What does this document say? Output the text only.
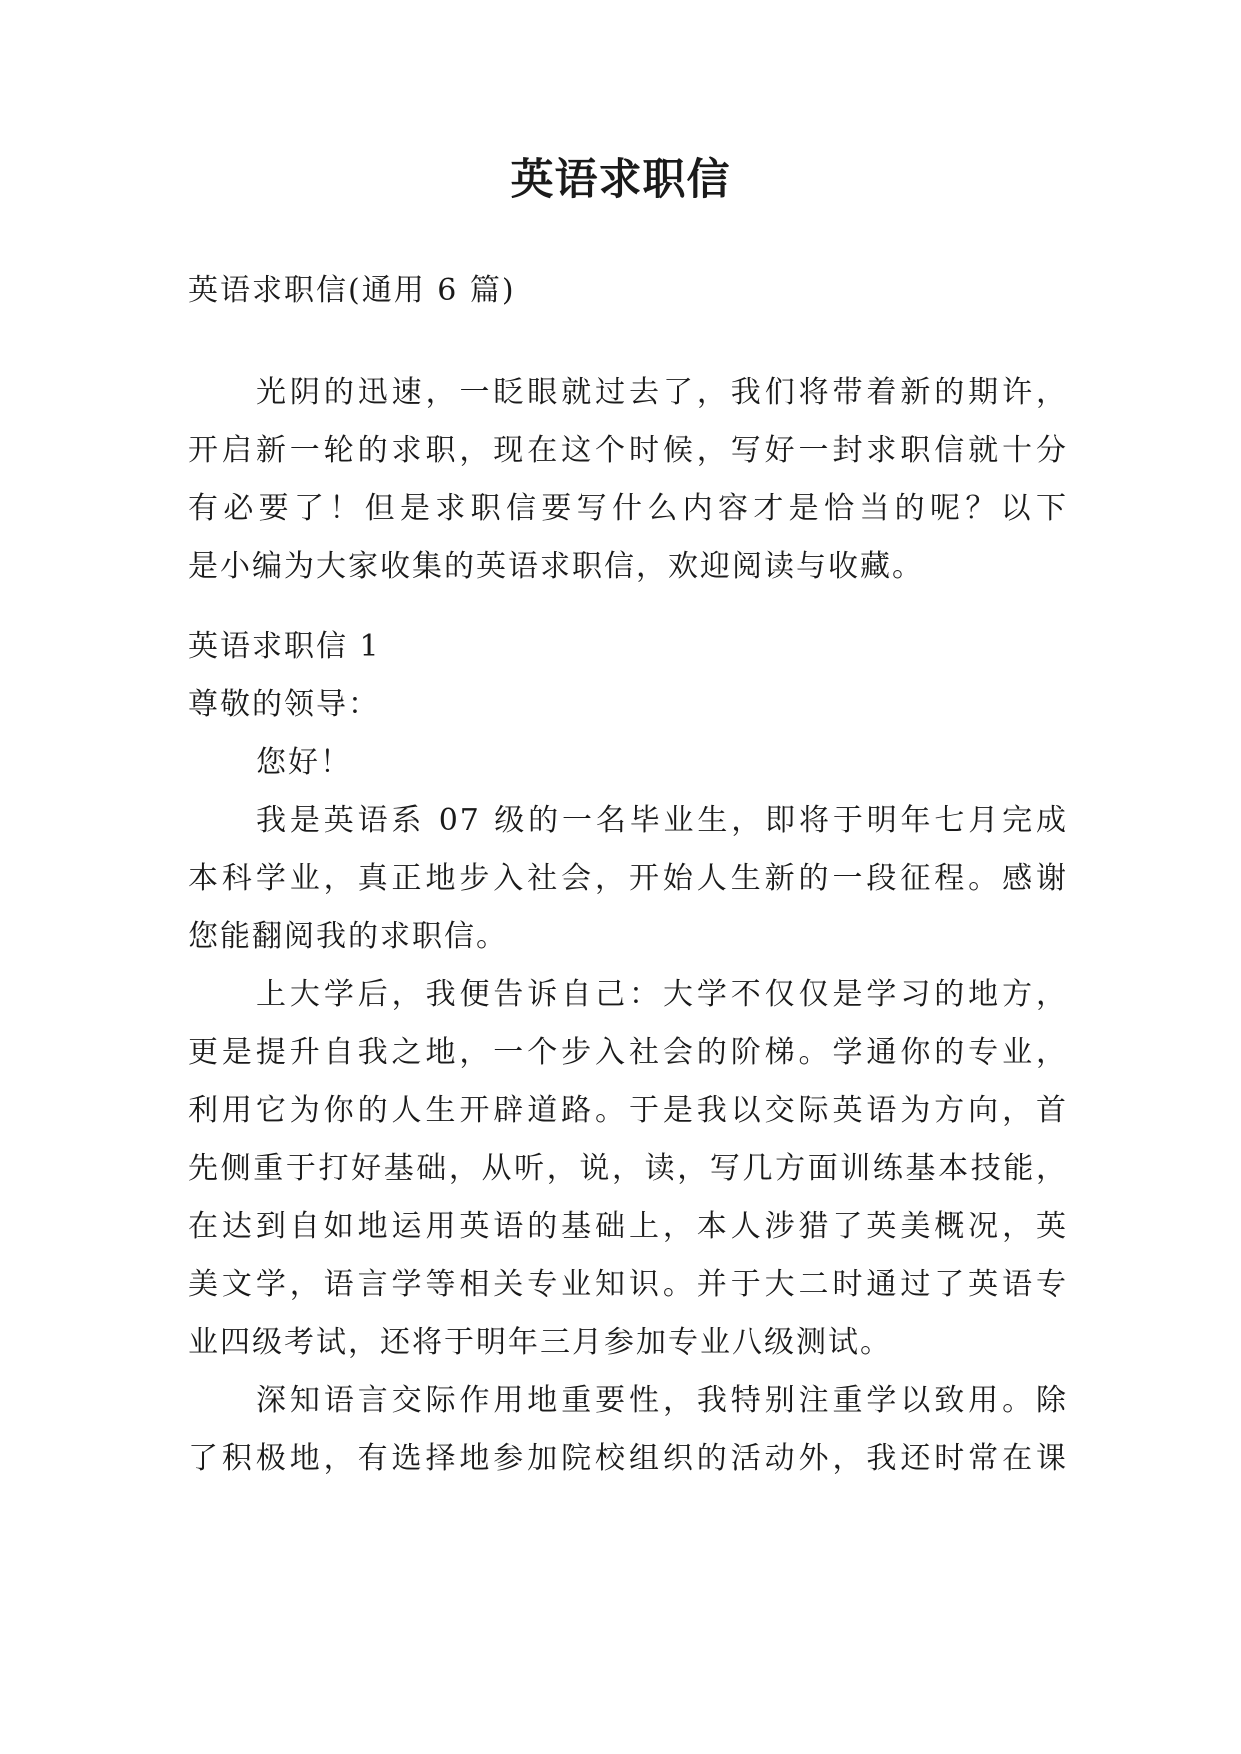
英语求职信
英语求职信(通用 6 篇)
光阴的迅速，一眨眼就过去了，我们将带着新的期许，
开启新一轮的求职，现在这个时候，写好一封求职信就十分
有必要了！但是求职信要写什么内容才是恰当的呢？以下
是小编为大家收集的英语求职信，欢迎阅读与收藏。
英语求职信 1
尊敬的领导：
您好！
我是英语系 07 级的一名毕业生，即将于明年七月完成
本科学业，真正地步入社会，开始人生新的一段征程。感谢
您能翻阅我的求职信。
上大学后，我便告诉自己：大学不仅仅是学习的地方，
更是提升自我之地，一个步入社会的阶梯。学通你的专业，
利用它为你的人生开辟道路。于是我以交际英语为方向，首
先侧重于打好基础，从听，说，读，写几方面训练基本技能，
在达到自如地运用英语的基础上，本人涉猎了英美概况，英
美文学，语言学等相关专业知识。并于大二时通过了英语专
业四级考试，还将于明年三月参加专业八级测试。
深知语言交际作用地重要性，我特别注重学以致用。除
了积极地，有选择地参加院校组织的活动外，我还时常在课
